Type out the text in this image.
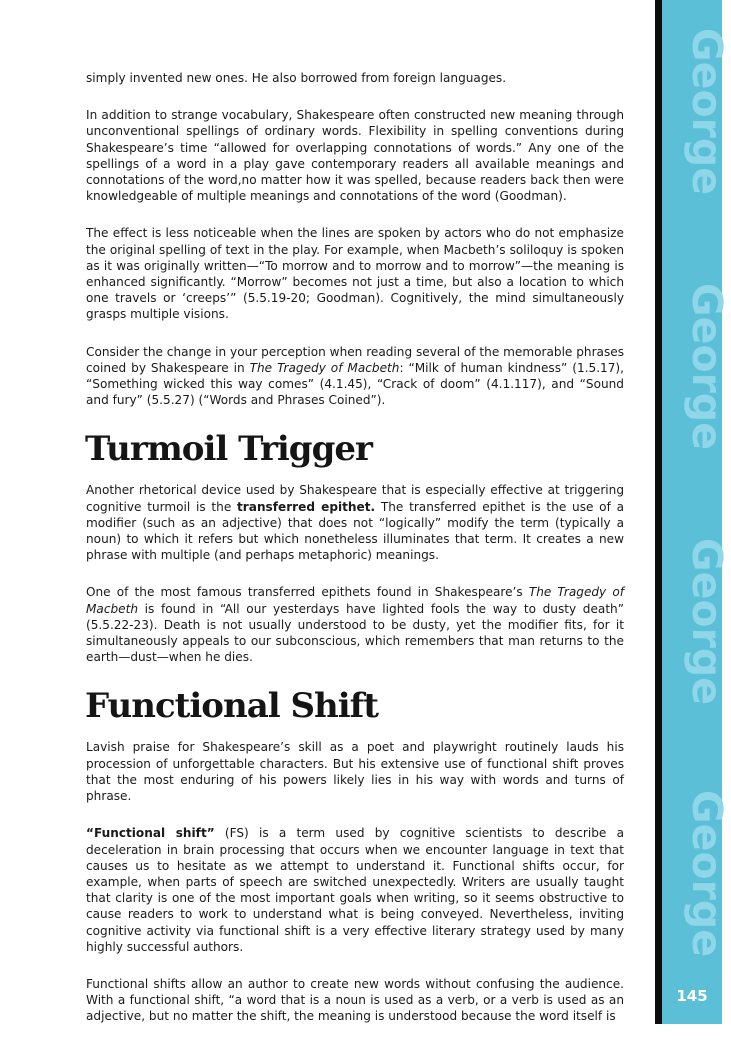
simply invented new ones. He also borrowed from foreign languages.

In addition to strange vocabulary, Shakespeare often constructed new meaning through unconventional spellings of ordinary words. Flexibility in spelling conventions during Shakespeare’s time “allowed for overlapping connotations of words.” Any one of the spellings of a word in a play gave contemporary readers all available meanings and connotations of the word,no matter how it was spelled, because readers back then were knowledgeable of multiple meanings and connotations of the word (Goodman).

The effect is less noticeable when the lines are spoken by actors who do not emphasize the original spelling of text in the play. For example, when Macbeth’s soliloquy is spoken as it was originally written—“To morrow and to morrow and to morrow”—the meaning is enhanced significantly. “Morrow” becomes not just a time, but also a location to which one travels or ‘creeps’” (5.5.19-20; Goodman). Cognitively, the mind simultaneously grasps multiple visions.

Consider the change in your perception when reading several of the memorable phrases coined by Shakespeare in The Tragedy of Macbeth: “Milk of human kindness” (1.5.17), “Something wicked this way comes” (4.1.45), “Crack of doom” (4.1.117), and “Sound and fury” (5.5.27) (“Words and Phrases Coined”).

Turmoil Trigger

Another rhetorical device used by Shakespeare that is especially effective at triggering cognitive turmoil is the transferred epithet. The transferred epithet is the use of a modifier (such as an adjective) that does not “logically” modify the term (typically a noun) to which it refers but which nonetheless illuminates that term. It creates a new phrase with multiple (and perhaps metaphoric) meanings.

One of the most famous transferred epithets found in Shakespeare’s The Tragedy of Macbeth is found in “All our yesterdays have lighted fools the way to dusty death” (5.5.22-23). Death is not usually understood to be dusty, yet the modifier fits, for it simultaneously appeals to our subconscious, which remembers that man returns to the earth—dust—when he dies.

Functional Shift

Lavish praise for Shakespeare’s skill as a poet and playwright routinely lauds his procession of unforgettable characters. But his extensive use of functional shift proves that the most enduring of his powers likely lies in his way with words and turns of phrase.

“Functional shift” (FS) is a term used by cognitive scientists to describe a deceleration in brain processing that occurs when we encounter language in text that causes us to hesitate as we attempt to understand it. Functional shifts occur, for example, when parts of speech are switched unexpectedly. Writers are usually taught that clarity is one of the most important goals when writing, so it seems obstructive to cause readers to work to understand what is being conveyed. Nevertheless, inviting cognitive activity via functional shift is a very effective literary strategy used by many highly successful authors.

Functional shifts allow an author to create new words without confusing the audience. With a functional shift, “a word that is a noun is used as a verb, or a verb is used as an adjective, but no matter the shift, the meaning is understood because the word itself is

George
George
George
George
145
